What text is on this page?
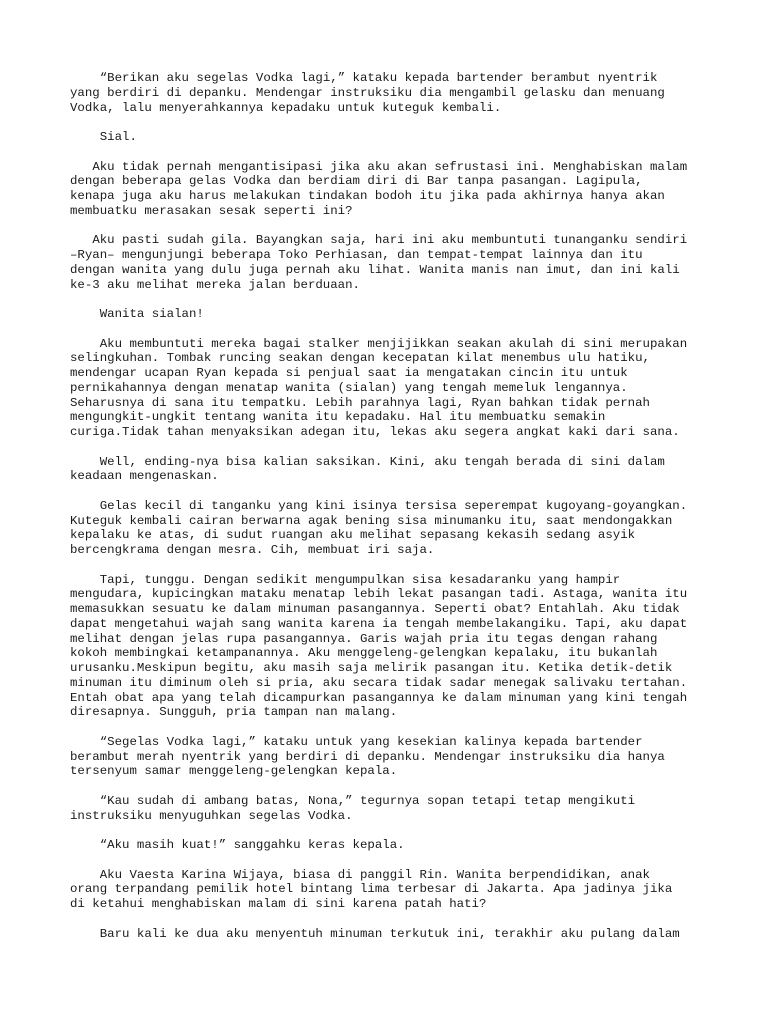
“Berikan aku segelas Vodka lagi,” kataku kepada bartender berambut nyentrik
yang berdiri di depanku. Mendengar instruksiku dia mengambil gelasku dan menuang
Vodka, lalu menyerahkannya kepadaku untuk kuteguk kembali.

Sial.

Aku tidak pernah mengantisipasi jika aku akan sefrustasi ini. Menghabiskan malam
dengan beberapa gelas Vodka dan berdiam diri di Bar tanpa pasangan. Lagipula,
kenapa juga aku harus melakukan tindakan bodoh itu jika pada akhirnya hanya akan
membuatku merasakan sesak seperti ini?

Aku pasti sudah gila. Bayangkan saja, hari ini aku membuntuti tunanganku sendiri
–Ryan– mengunjungi beberapa Toko Perhiasan, dan tempat-tempat lainnya dan itu
dengan wanita yang dulu juga pernah aku lihat. Wanita manis nan imut, dan ini kali
ke-3 aku melihat mereka jalan berduaan.

Wanita sialan!

Aku membuntuti mereka bagai stalker menjijikkan seakan akulah di sini merupakan
selingkuhan. Tombak runcing seakan dengan kecepatan kilat menembus ulu hatiku,
mendengar ucapan Ryan kepada si penjual saat ia mengatakan cincin itu untuk
pernikahannya dengan menatap wanita (sialan) yang tengah memeluk lengannya.
Seharusnya di sana itu tempatku. Lebih parahnya lagi, Ryan bahkan tidak pernah
mengungkit-ungkit tentang wanita itu kepadaku. Hal itu membuatku semakin
curiga.Tidak tahan menyaksikan adegan itu, lekas aku segera angkat kaki dari sana.

Well, ending-nya bisa kalian saksikan. Kini, aku tengah berada di sini dalam
keadaan mengenaskan.

Gelas kecil di tanganku yang kini isinya tersisa seperempat kugoyang-goyangkan.
Kuteguk kembali cairan berwarna agak bening sisa minumanku itu, saat mendongakkan
kepalaku ke atas, di sudut ruangan aku melihat sepasang kekasih sedang asyik
bercengkrama dengan mesra. Cih, membuat iri saja.

Tapi, tunggu. Dengan sedikit mengumpulkan sisa kesadaranku yang hampir
mengudara, kupicingkan mataku menatap lebih lekat pasangan tadi. Astaga, wanita itu
memasukkan sesuatu ke dalam minuman pasangannya. Seperti obat? Entahlah. Aku tidak
dapat mengetahui wajah sang wanita karena ia tengah membelakangiku. Tapi, aku dapat
melihat dengan jelas rupa pasangannya. Garis wajah pria itu tegas dengan rahang
kokoh membingkai ketampanannya. Aku menggeleng-gelengkan kepalaku, itu bukanlah
urusanku.Meskipun begitu, aku masih saja melirik pasangan itu. Ketika detik-detik
minuman itu diminum oleh si pria, aku secara tidak sadar menegak salivaku tertahan.
Entah obat apa yang telah dicampurkan pasangannya ke dalam minuman yang kini tengah
diresapnya. Sungguh, pria tampan nan malang.

“Segelas Vodka lagi,” kataku untuk yang kesekian kalinya kepada bartender
berambut merah nyentrik yang berdiri di depanku. Mendengar instruksiku dia hanya
tersenyum samar menggeleng-gelengkan kepala.

“Kau sudah di ambang batas, Nona,” tegurnya sopan tetapi tetap mengikuti
instruksiku menyuguhkan segelas Vodka.

“Aku masih kuat!” sanggahku keras kepala.

Aku Vaesta Karina Wijaya, biasa di panggil Rin. Wanita berpendidikan, anak
orang terpandang pemilik hotel bintang lima terbesar di Jakarta. Apa jadinya jika
di ketahui menghabiskan malam di sini karena patah hati?

Baru kali ke dua aku menyentuh minuman terkutuk ini, terakhir aku pulang dalam
